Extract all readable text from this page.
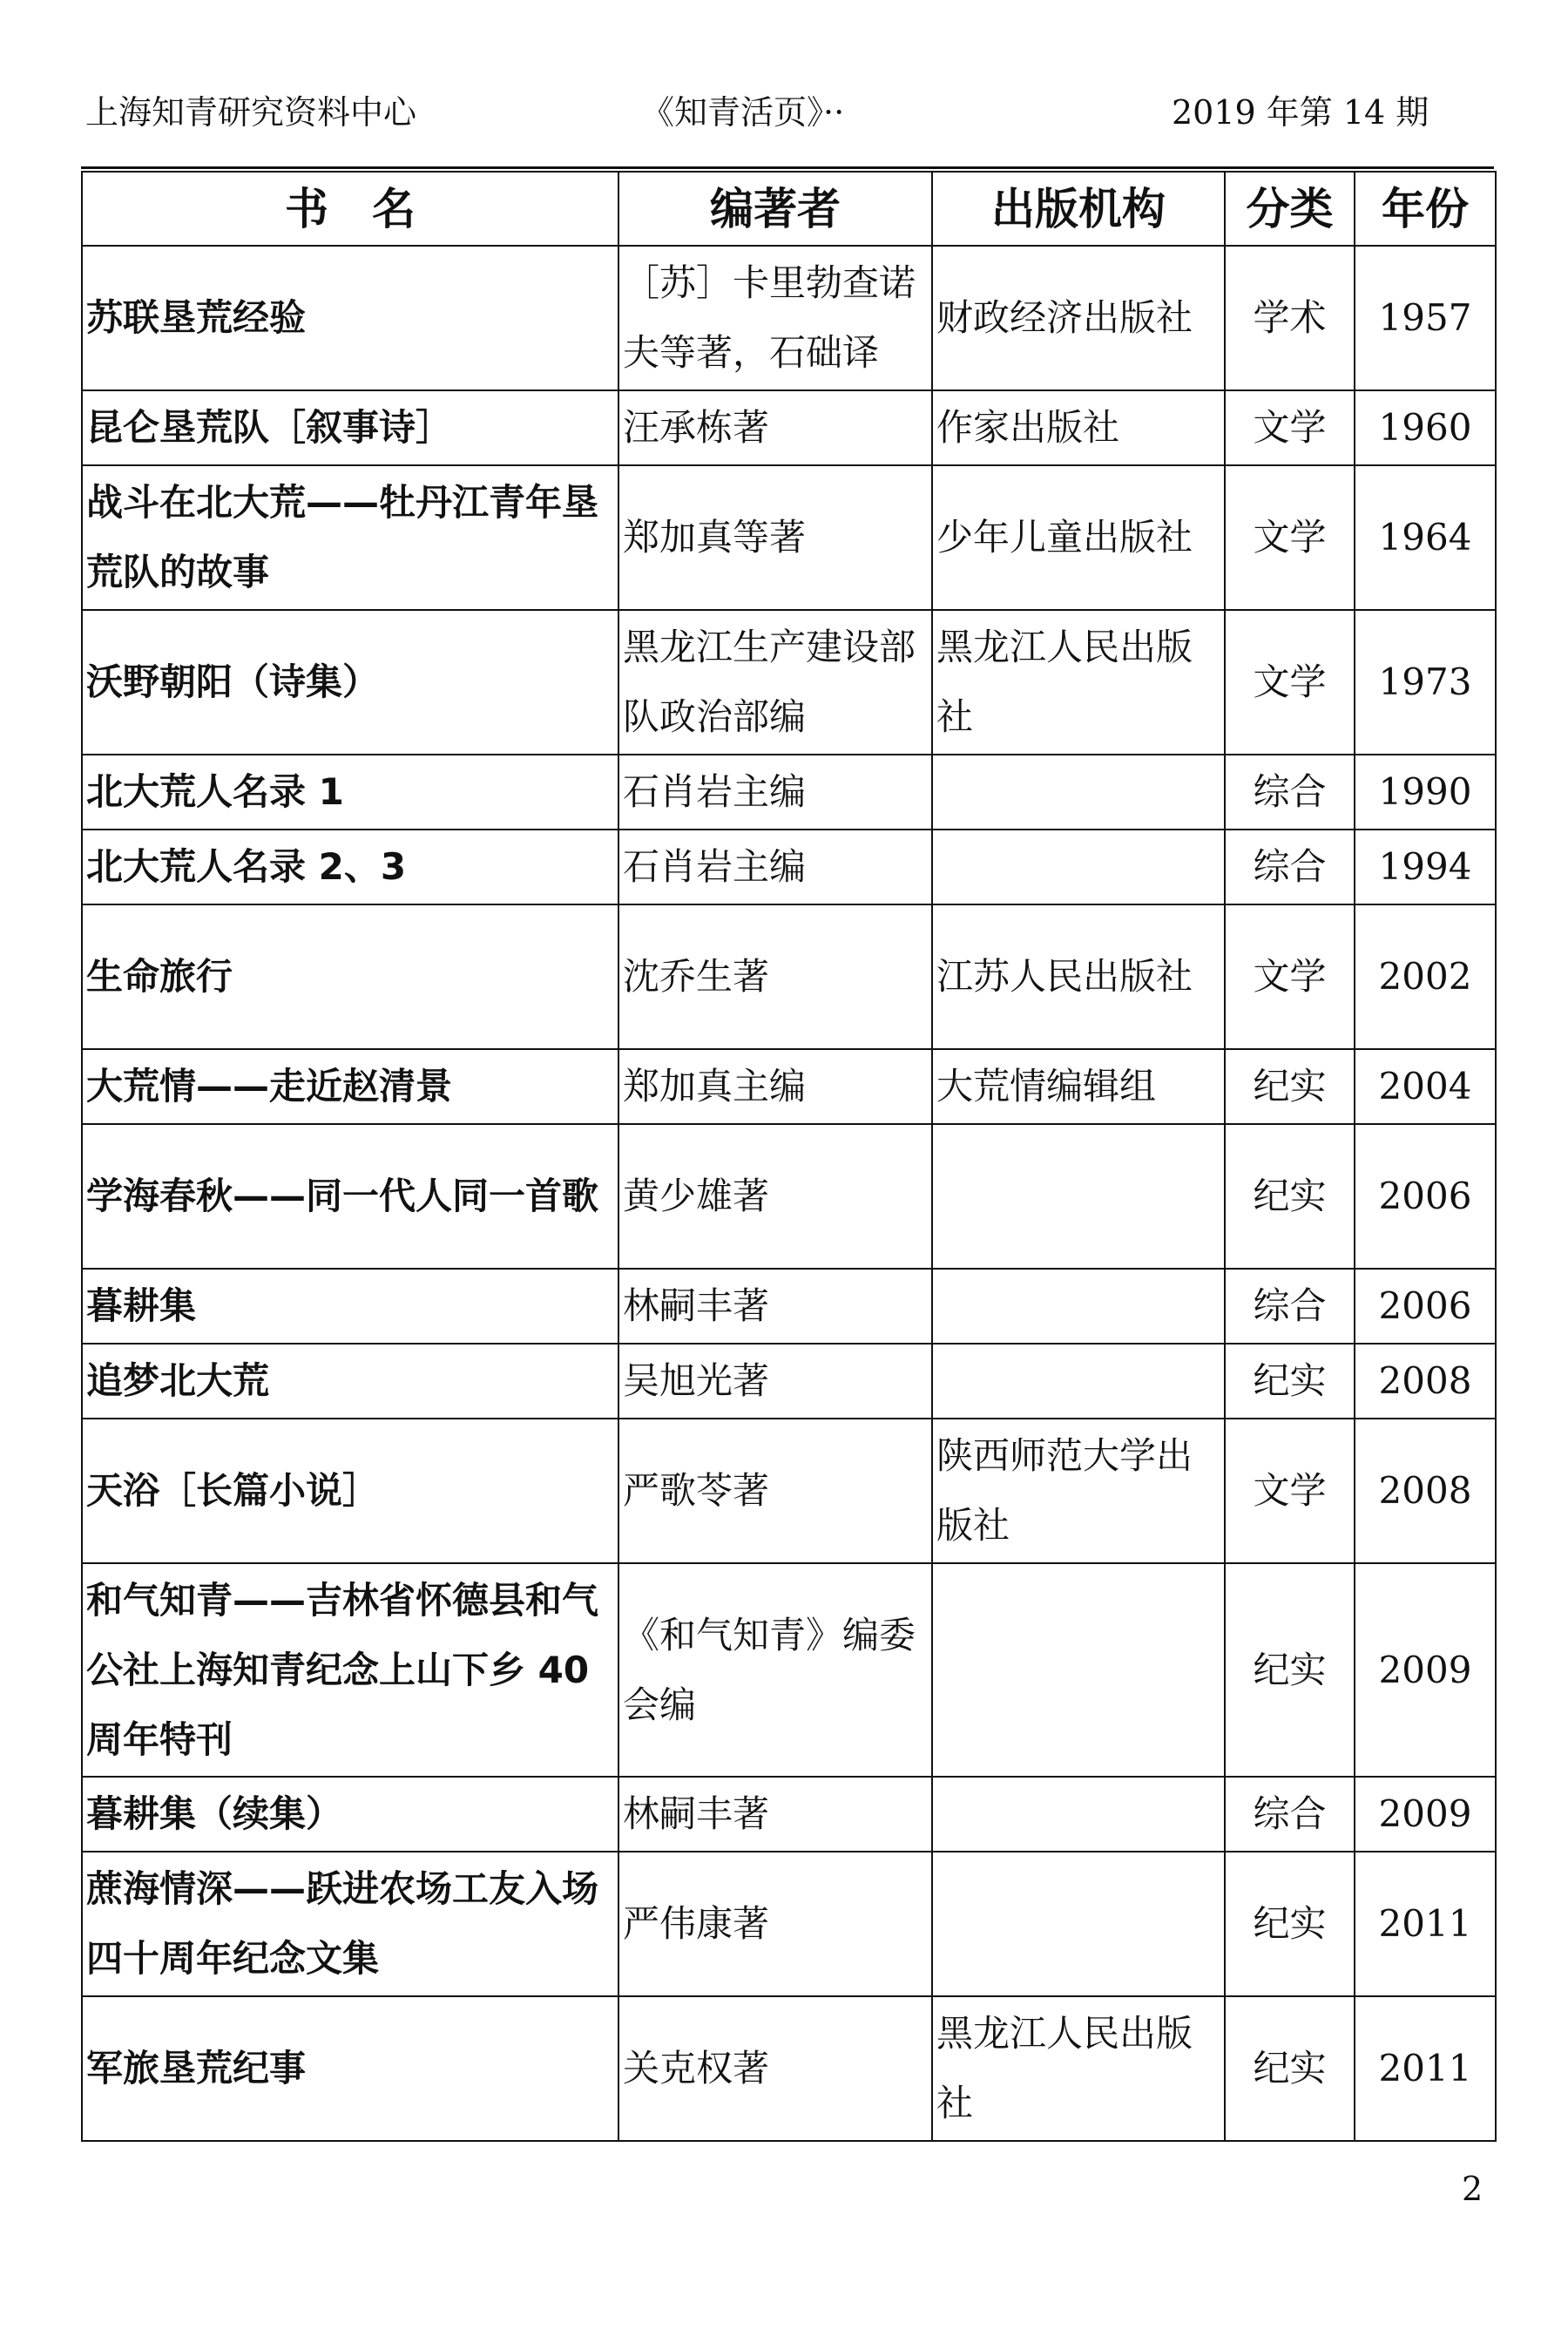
上海知青研究资料中心	《知青活页》··	2019 年第 14 期
书　名	编著者	出版机构	分类	年份
苏联垦荒经验	［苏］卡里勃查诺夫等著，石础译	财政经济出版社	学术	1957
昆仑垦荒队［叙事诗］	汪承栋著	作家出版社	文学	1960
战斗在北大荒——牡丹江青年垦荒队的故事	郑加真等著	少年儿童出版社	文学	1964
沃野朝阳（诗集）	黑龙江生产建设部队政治部编	黑龙江人民出版社	文学	1973
北大荒人名录 1	石肖岩主编		综合	1990
北大荒人名录 2、3	石肖岩主编		综合	1994
生命旅行	沈乔生著	江苏人民出版社	文学	2002
大荒情——走近赵清景	郑加真主编	大荒情编辑组	纪实	2004
学海春秋——同一代人同一首歌	黄少雄著		纪实	2006
暮耕集	林嗣丰著		综合	2006
追梦北大荒	吴旭光著		纪实	2008
天浴［长篇小说］	严歌苓著	陕西师范大学出版社	文学	2008
和气知青——吉林省怀德县和气公社上海知青纪念上山下乡 40 周年特刊	《和气知青》编委会编		纪实	2009
暮耕集（续集）	林嗣丰著		综合	2009
蔗海情深——跃进农场工友入场四十周年纪念文集	严伟康著		纪实	2011
军旅垦荒纪事	关克权著	黑龙江人民出版社	纪实	2011
2
